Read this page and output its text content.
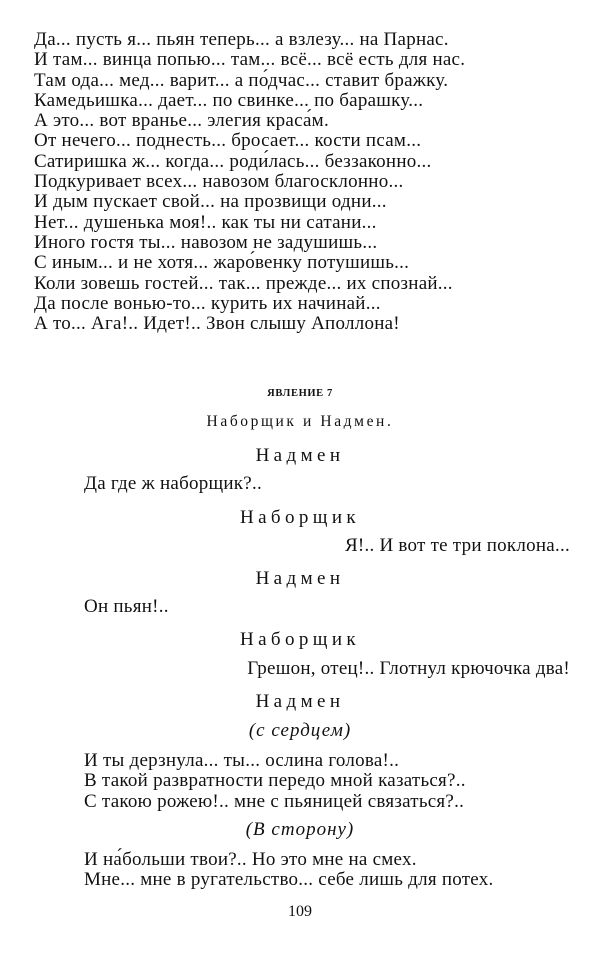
Да... пусть я... пьян теперь... а взлезу... на Парнас.
И там... винца попью... там... всё... всё есть для нас.
Там ода... мед... варит... а по́дчас... ставит бражку.
Камедьишка... дает... по свинке... по барашку...
А это... вот вранье... элегия краса́м.
От нечего... поднесть... бросает... кости псам...
Сатиришка ж... когда... роди́лась... беззаконно...
Подкуривает всех... навозом благосклонно...
И дым пускает свой... на прозвищи одни...
Нет... душенька моя!.. как ты ни сатани...
Иного гостя ты... навозом не задушишь...
С иным... и не хотя... жаро́венку потушишь...
Коли зовешь гостей... так... прежде... их спознай...
Да после вонью-то... курить их начинай...
А то... Ага!.. Идет!.. Звон слышу Аполлона!
ЯВЛЕНИЕ 7
Наборщик и Надмен.
Надмен
Да где ж наборщик?..
Наборщик
Я!.. И вот те три поклона...
Надмен
Он пьян!..
Наборщик
Грешон, отец!.. Глотнул крючочка два!
Надмен
(с сердцем)
И ты дерзнула... ты... ослина голова!..
В такой развратности передо мной казаться?..
С такою рожею!.. мне с пьяницей связаться?..
(В сторону)
И на́больши твои?.. Но это мне на смех.
Мне... мне в ругательство... себе лишь для потех.
109
